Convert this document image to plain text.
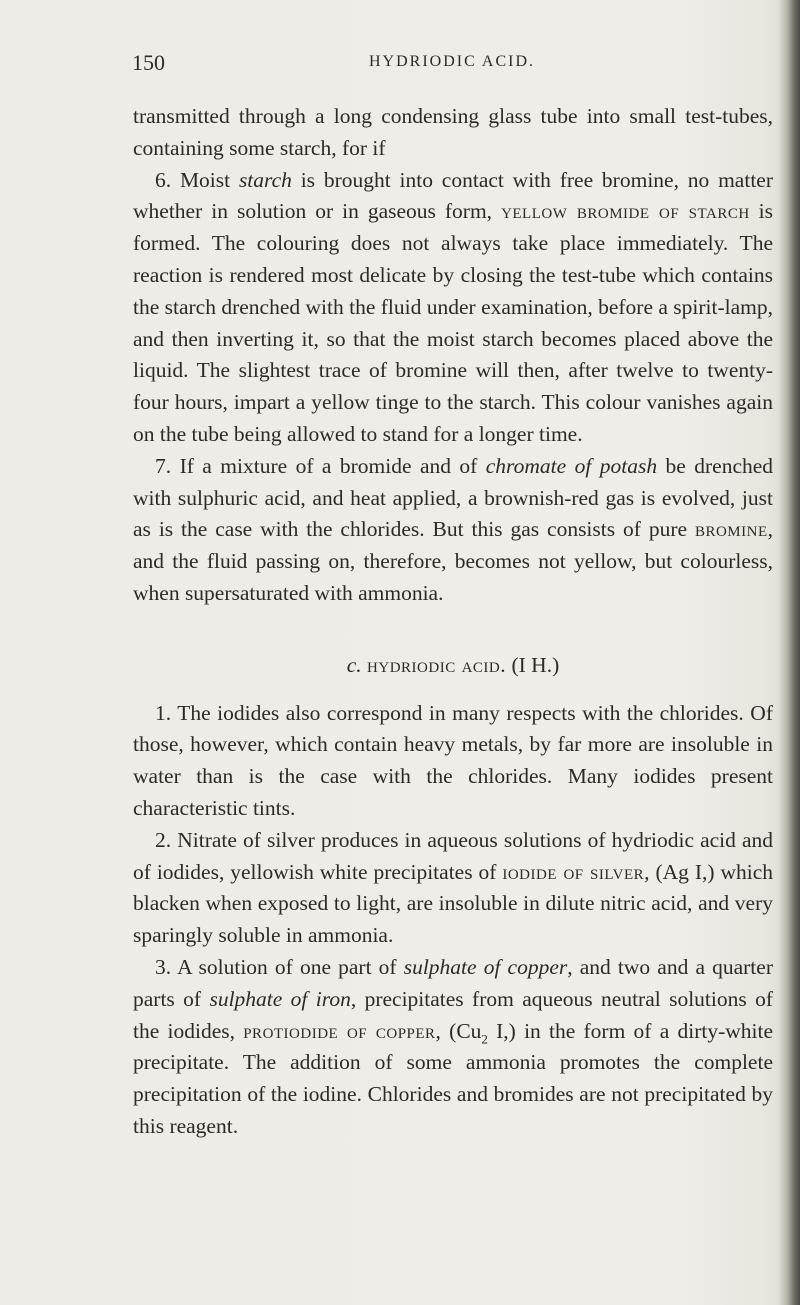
150	HYDRIODIC ACID.

transmitted through a long condensing glass tube into small test-tubes, containing some starch, for if

6. Moist starch is brought into contact with free bromine, no matter whether in solution or in gaseous form, yellow bromide of starch is formed. The colouring does not always take place immediately. The reaction is rendered most delicate by closing the test-tube which contains the starch drenched with the fluid under examination, before a spirit-lamp, and then inverting it, so that the moist starch becomes placed above the liquid. The slightest trace of bromine will then, after twelve to twenty-four hours, impart a yellow tinge to the starch. This colour vanishes again on the tube being allowed to stand for a longer time.

7. If a mixture of a bromide and of chromate of potash be drenched with sulphuric acid, and heat applied, a brownish-red gas is evolved, just as is the case with the chlorides. But this gas consists of pure bromine, and the fluid passing on, therefore, becomes not yellow, but colourless, when supersaturated with ammonia.

c. hydriodic acid. (I H.)

1. The iodides also correspond in many respects with the chlorides. Of those, however, which contain heavy metals, by far more are insoluble in water than is the case with the chlorides. Many iodides present characteristic tints.

2. Nitrate of silver produces in aqueous solutions of hydriodic acid and of iodides, yellowish white precipitates of iodide of silver, (Ag I,) which blacken when exposed to light, are insoluble in dilute nitric acid, and very sparingly soluble in ammonia.

3. A solution of one part of sulphate of copper, and two and a quarter parts of sulphate of iron, precipitates from aqueous neutral solutions of the iodides, protiodide of copper, ($Cu_2$ I,) in the form of a dirty-white precipitate. The addition of some ammonia promotes the complete precipitation of the iodine. Chlorides and bromides are not precipitated by this reagent.
